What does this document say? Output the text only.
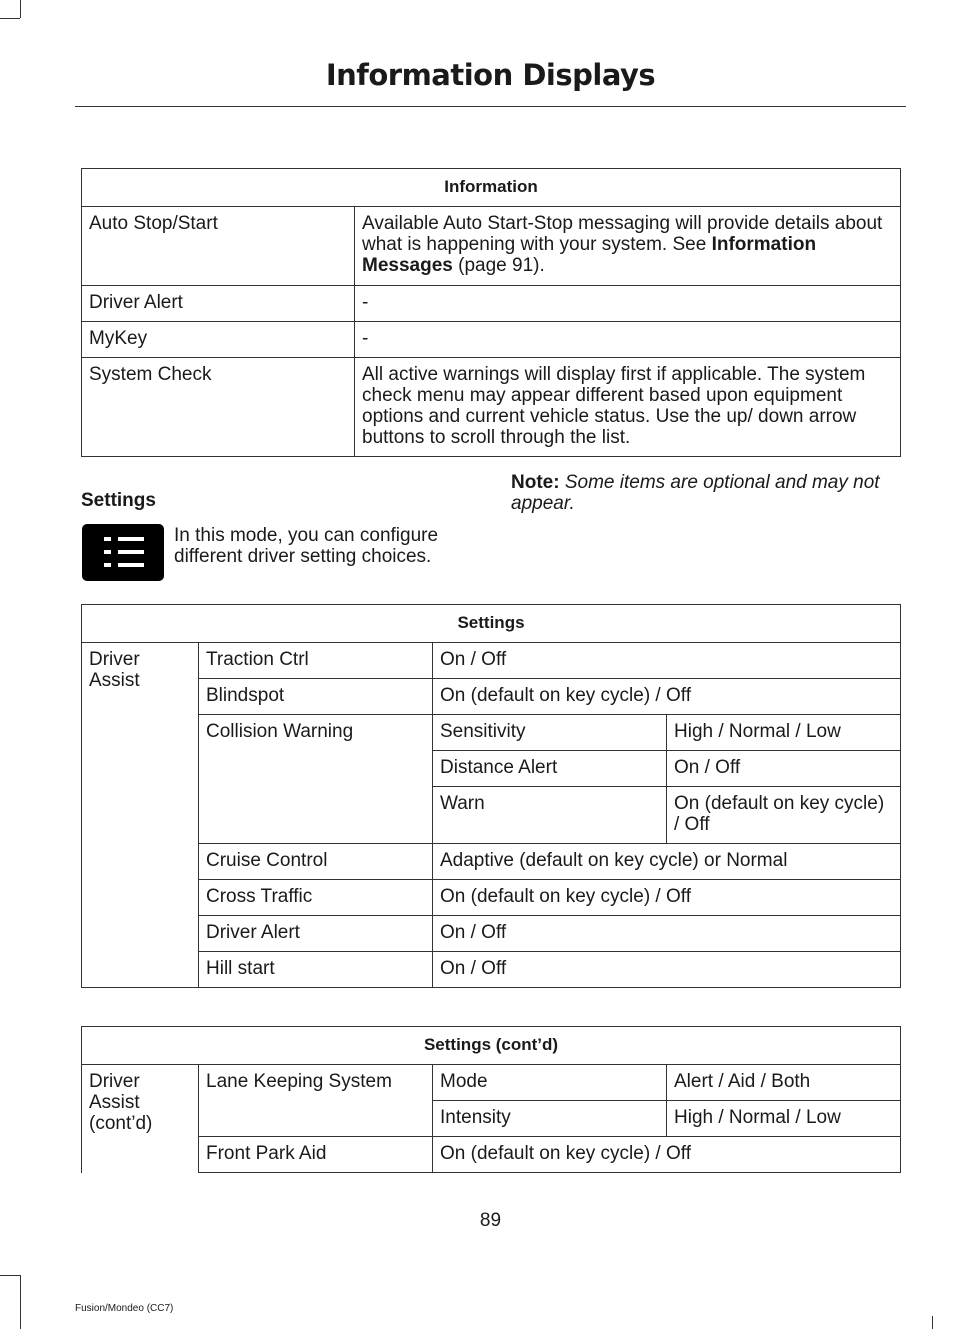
Information Displays
Information	
Auto Stop/Start	Available Auto Start-Stop messaging will provide details about what is happening with your system. See Information Messages (page 91).
Driver Alert	-
MyKey	-
System Check	All active warnings will display first if applicable. The system check menu may appear different based upon equipment options and current vehicle status. Use the up/ down arrow buttons to scroll through the list.
Settings
In this mode, you can configure different driver setting choices.
Note: Some items are optional and may not appear.
Settings			
Driver Assist	Traction Ctrl	On / Off	
	Blindspot	On (default on key cycle) / Off	
	Collision Warning	Sensitivity	High / Normal / Low
		Distance Alert	On / Off
		Warn	On (default on key cycle) / Off
	Cruise Control	Adaptive (default on key cycle) or Normal	
	Cross Traffic	On (default on key cycle) / Off	
	Driver Alert	On / Off	
	Hill start	On / Off	
Settings (cont’d)			
Driver Assist (cont’d)	Lane Keeping System	Mode	Alert / Aid / Both
		Intensity	High / Normal / Low
	Front Park Aid	On (default on key cycle) / Off	
89
Fusion/Mondeo (CC7)
